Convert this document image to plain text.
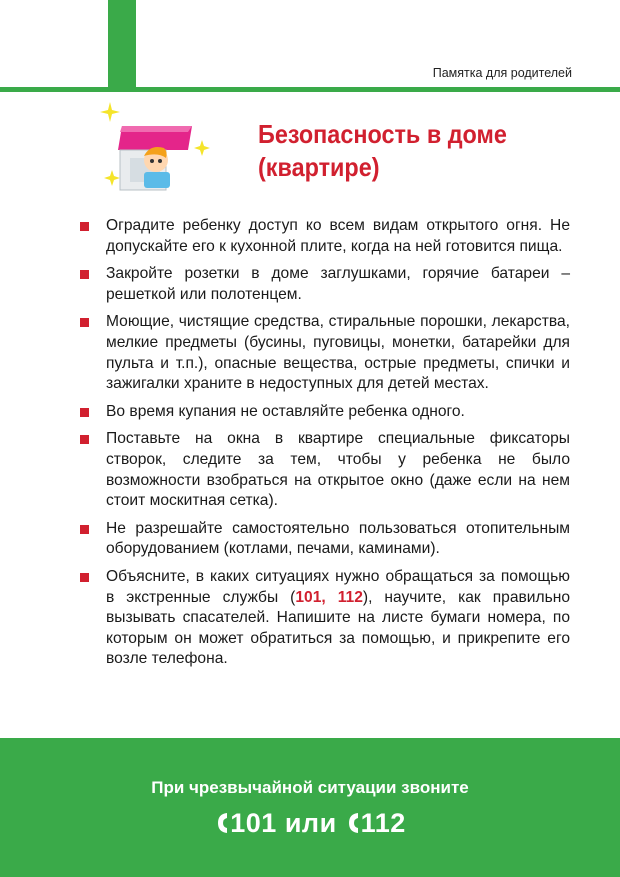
Памятка для родителей
Безопасность в доме
(квартире)
Оградите ребенку доступ ко всем видам открытого огня. Не допускайте его к кухонной плите, когда на ней готовится пища.
Закройте розетки в доме заглушками, горячие батареи – решеткой или полотенцем.
Моющие, чистящие средства, стиральные порошки, лекарства, мелкие предметы (бусины, пуговицы, монетки, батарейки для пульта и т.п.), опасные вещества, острые предметы, спички и зажигалки храните в недоступных для детей местах.
Во время купания не оставляйте ребенка одного.
Поставьте на окна в квартире специальные фиксаторы створок, следите за тем, чтобы у ребенка не было возможности взобраться на открытое окно (даже если на нем стоит москитная сетка).
Не разрешайте самостоятельно пользоваться отопительным оборудованием (котлами, печами, каминами).
Объясните, в каких ситуациях нужно обращаться за помощью в экстренные службы (101, 112), научите, как правильно вызывать спасателей. Напишите на листе бумаги номера, по которым он может обратиться за помощью, и прикрепите его возле телефона.
При чрезвычайной ситуации звоните
101 или 112
